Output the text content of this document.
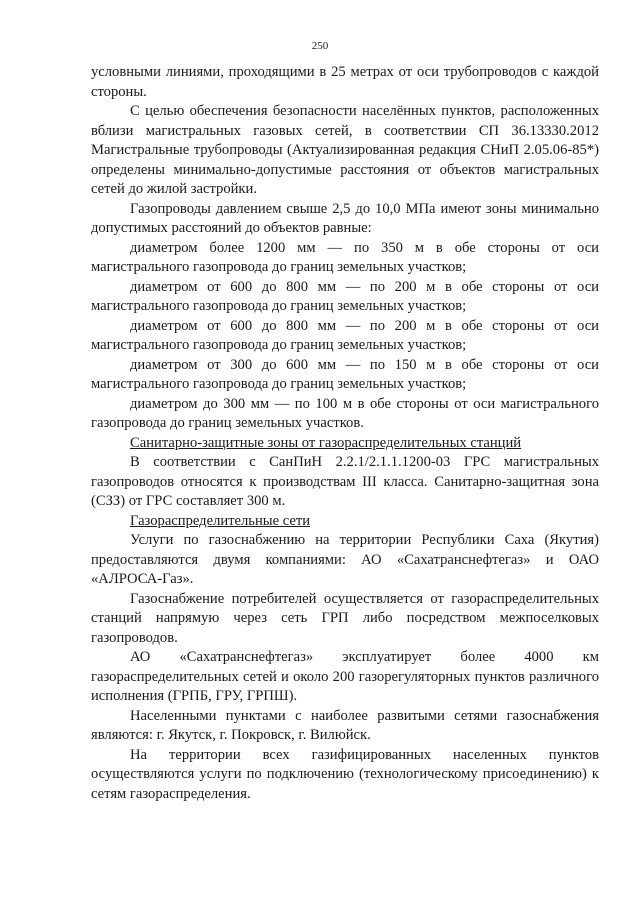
250

условными линиями, проходящими в 25 метрах от оси трубопроводов с каждой стороны.

С целью обеспечения безопасности населённых пунктов, расположенных вблизи магистральных газовых сетей, в соответствии СП 36.13330.2012 Магистральные трубопроводы (Актуализированная редакция СНиП 2.05.06-85*) определены минимально-допустимые расстояния от объектов магистральных сетей до жилой застройки.

Газопроводы давлением свыше 2,5 до 10,0 МПа имеют зоны минимально допустимых расстояний до объектов равные:

диаметром более 1200 мм — по 350 м в обе стороны от оси магистрального газопровода до границ земельных участков;

диаметром от 600 до 800 мм — по 200 м в обе стороны от оси магистрального газопровода до границ земельных участков;

диаметром от 600 до 800 мм — по 200 м в обе стороны от оси магистрального газопровода до границ земельных участков;

диаметром от 300 до 600 мм — по 150 м в обе стороны от оси магистрального газопровода до границ земельных участков;

диаметром до 300 мм — по 100 м в обе стороны от оси магистрального газопровода до границ земельных участков.

Санитарно-защитные зоны от газораспределительных станций

В соответствии с СанПиН 2.2.1/2.1.1.1200-03 ГРС магистральных газопроводов относятся к производствам III класса. Санитарно-защитная зона (СЗЗ) от ГРС составляет 300 м.

Газораспределительные сети

Услуги по газоснабжению на территории Республики Саха (Якутия) предоставляются двумя компаниями: АО «Сахатранснефтегаз» и ОАО «АЛРОСА-Газ».

Газоснабжение потребителей осуществляется от газораспределительных станций напрямую через сеть ГРП либо посредством межпоселковых газопроводов.

АО «Сахатранснефтегаз» эксплуатирует более 4000 км газораспределительных сетей и около 200 газорегуляторных пунктов различного исполнения (ГРПБ, ГРУ, ГРПШ).

Населенными пунктами с наиболее развитыми сетями газоснабжения являются: г. Якутск, г. Покровск, г. Вилюйск.

На территории всех газифицированных населенных пунктов осуществляются услуги по подключению (технологическому присоединению) к сетям газораспределения.
